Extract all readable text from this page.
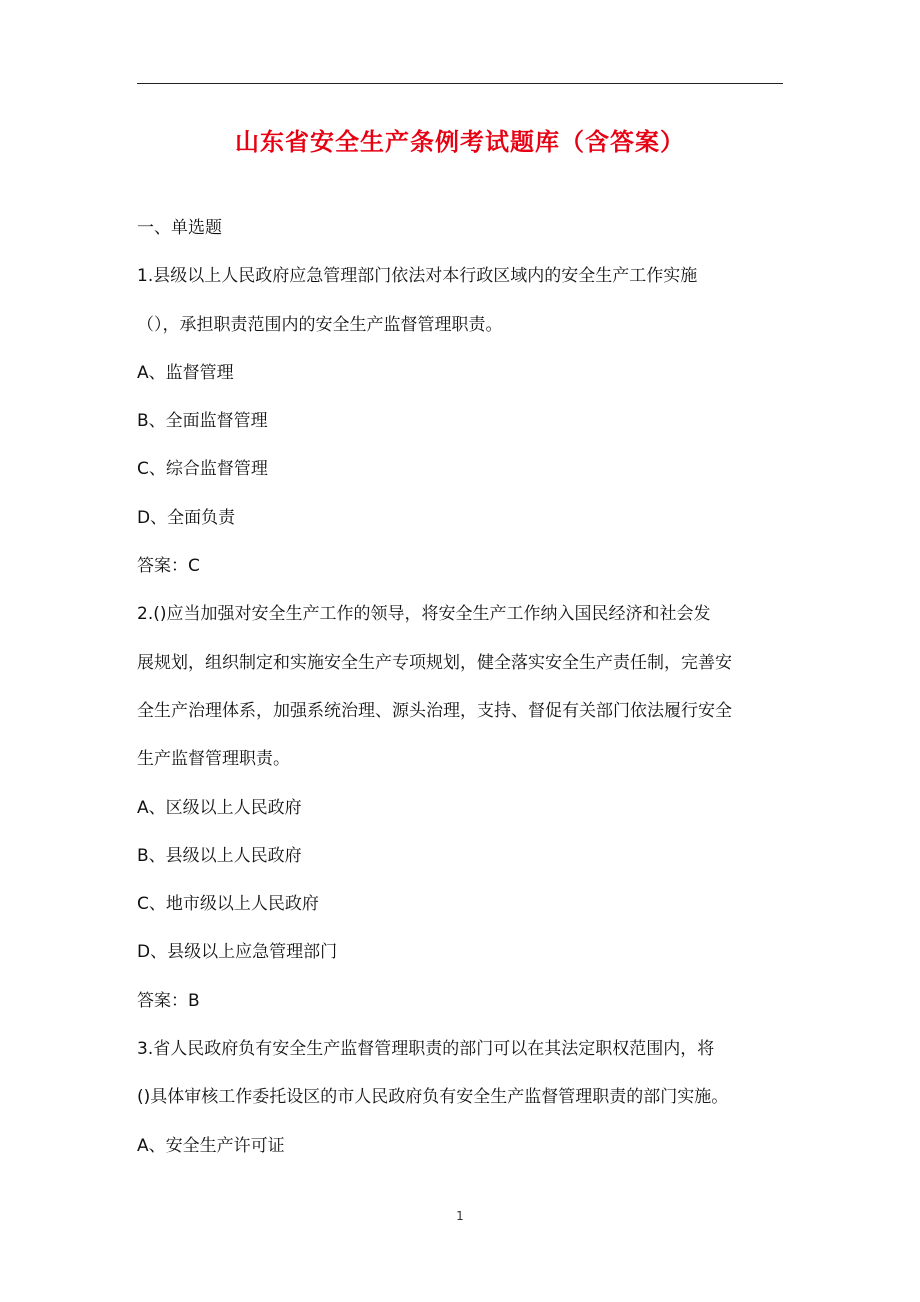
山东省安全生产条例考试题库（含答案）
一、单选题
1.县级以上人民政府应急管理部门依法对本行政区域内的安全生产工作实施
（），承担职责范围内的安全生产监督管理职责。
A、监督管理
B、全面监督管理
C、综合监督管理
D、全面负责
答案：C
2.()应当加强对安全生产工作的领导，将安全生产工作纳入国民经济和社会发
展规划，组织制定和实施安全生产专项规划，健全落实安全生产责任制，完善安
全生产治理体系，加强系统治理、源头治理，支持、督促有关部门依法履行安全
生产监督管理职责。
A、区级以上人民政府
B、县级以上人民政府
C、地市级以上人民政府
D、县级以上应急管理部门
答案：B
3.省人民政府负有安全生产监督管理职责的部门可以在其法定职权范围内，将
()具体审核工作委托设区的市人民政府负有安全生产监督管理职责的部门实施。
A、安全生产许可证
1
